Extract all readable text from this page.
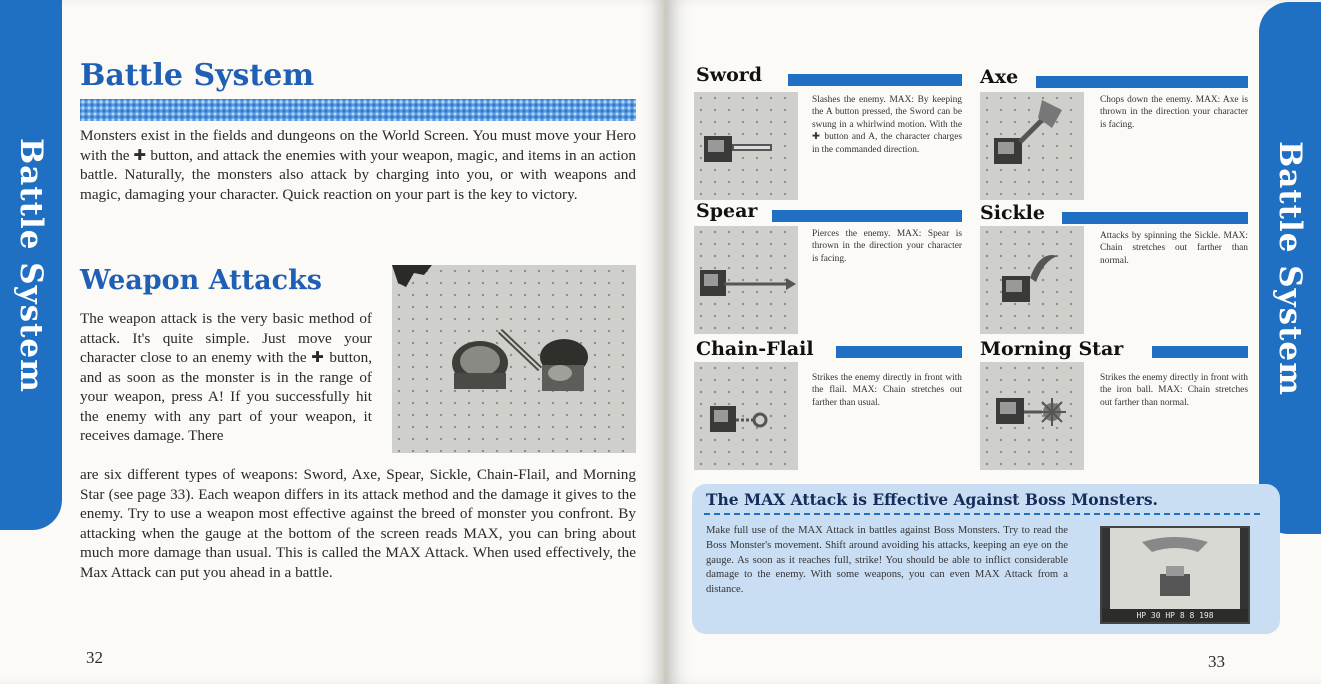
Battle System
Battle System

Monsters exist in the fields and dungeons on the World Screen. You must move your Hero with the ✚ button, and attack the enemies with your weapon, magic, and items in an action battle. Naturally, the monsters also attack by charging into you, or with weapons and magic, damaging your character. Quick reaction on your part is the key to victory.

Weapon Attacks

The weapon attack is the very basic method of attack. It's quite simple. Just move your character close to an enemy with the ✚ button, and as soon as the monster is in the range of your weapon, press A! If you successfully hit the enemy with any part of your weapon, it receives damage. There

are six different types of weapons: Sword, Axe, Spear, Sickle, Chain-Flail, and Morning Star (see page 33). Each weapon differs in its attack method and the damage it gives to the enemy. Try to use a weapon most effective against the breed of monster you confront. By attacking when the gauge at the bottom of the screen reads MAX, you can bring about much more damage than usual. This is called the MAX Attack. When used effectively, the Max Attack can put you ahead in a battle.

32

Battle System

Sword

Slashes the enemy. MAX: By keeping the A button pressed, the Sword can be swung in a whirlwind motion. With the ✚ button and A, the character charges in the commanded direction.

Axe

Chops down the enemy. MAX: Axe is thrown in the direction your character is facing.

Spear

Pierces the enemy. MAX: Spear is thrown in the direction your character is facing.

Sickle

Attacks by spinning the Sickle. MAX: Chain stretches out farther than normal.

Chain-Flail

Strikes the enemy directly in front with the flail. MAX: Chain stretches out farther than usual.

Morning Star

Strikes the enemy directly in front with the iron ball. MAX: Chain stretches out farther than normal.

The MAX Attack is Effective Against Boss Monsters.

Make full use of the MAX Attack in battles against Boss Monsters. Try to read the Boss Monster's movement. Shift around avoiding his attacks, keeping an eye on the gauge. As soon as it reaches full, strike! You should be able to inflict considerable damage to the enemy. With some weapons, you can even MAX Attack from a distance.

HP 30 HP 8 8 198

33
